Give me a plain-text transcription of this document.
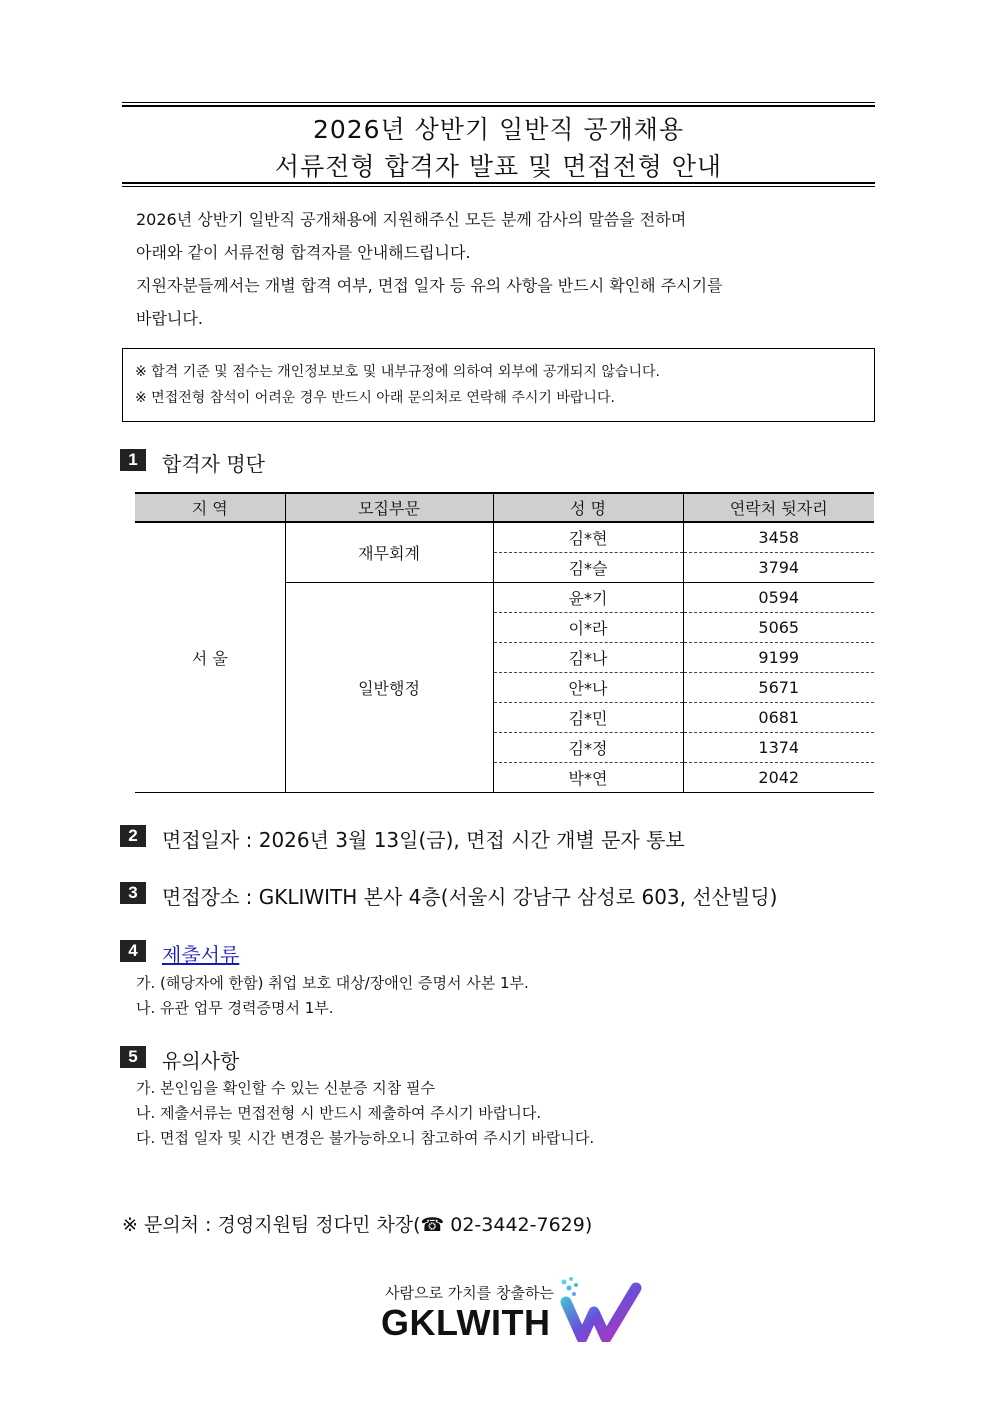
2026년 상반기 일반직 공개채용
서류전형 합격자 발표 및 면접전형 안내

2026년 상반기 일반직 공개채용에 지원해주신 모든 분께 감사의 말씀을 전하며

아래와 같이 서류전형 합격자를 안내해드립니다.

지원자분들께서는 개별 합격 여부, 면접 일자 등 유의 사항을 반드시 확인해 주시기를

바랍니다.

※ 합격 기준 및 점수는 개인정보보호 및 내부규정에 의하여 외부에 공개되지 않습니다.
※ 면접전형 참석이 어려운 경우 반드시 아래 문의처로 연락해 주시기 바랍니다.
1	합격자 명단
지 역	모집부문	성 명	연락처 뒷자리
서 울	재무회계	김*현	3458
		김*슬	3794
	일반행정	윤*기	0594
		이*라	5065
		김*나	9199
		안*나	5671
		김*민	0681
		김*정	1374
		박*연	2042
2	면접일자 : 2026년 3월 13일(금), 면접 시간 개별 문자 통보
3	면접장소 : GKLIWITH 본사 4층(서울시 강남구 삼성로 603, 선산빌딩)
4	제출서류
가. (해당자에 한함) 취업 보호 대상/장애인 증명서 사본 1부.
나. 유관 업무 경력증명서 1부.
5	유의사항
가. 본인임을 확인할 수 있는 신분증 지참 필수
나. 제출서류는 면접전형 시 반드시 제출하여 주시기 바랍니다.
다. 면접 일자 및 시간 변경은 불가능하오니 참고하여 주시기 바랍니다.
※ 문의처 : 경영지원팀 정다민 차장(☎ 02-3442-7629)
사람으로 가치를 창출하는
GKLWITH
